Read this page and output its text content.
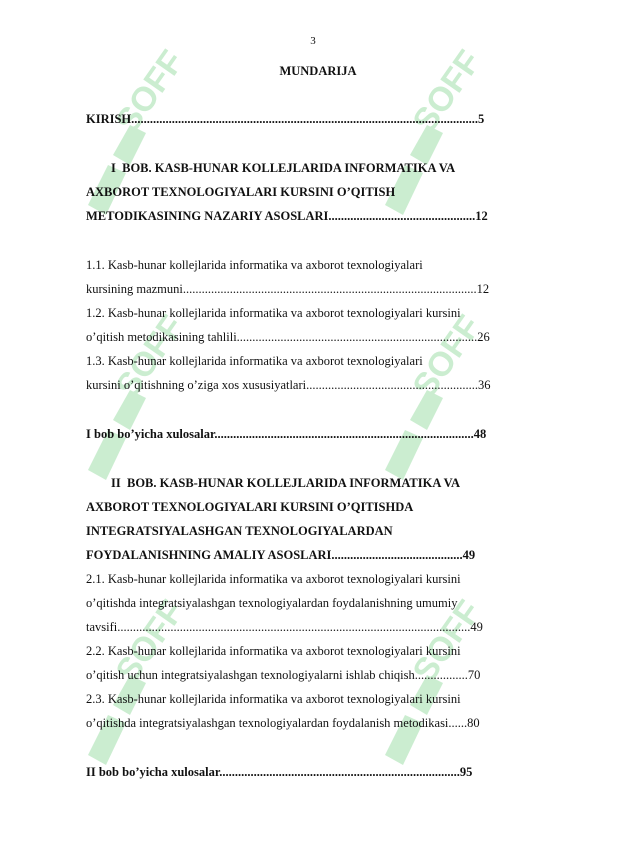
SOFF	SOFF
SOFF	SOFF
SOFF	SOFF
3
MUNDARIJA
KIRISH...............................................................................................................5
I  BOB. KASB-HUNAR KOLLEJLARIDA INFORMATIKA VA
AXBOROT TEXNOLOGIYALARI KURSINI O’QITISH
METODIKASINING NAZARIY ASOSLARI...............................................12
1.1. Kasb-hunar kollejlarida informatika va axborot texnologiyalari
kursining mazmuni..............................................................................................12
1.2. Kasb-hunar kollejlarida informatika va axborot texnologiyalari kursini
o’qitish metodikasining tahlili.............................................................................26
1.3. Kasb-hunar kollejlarida informatika va axborot texnologiyalari
kursini o’qitishning o’ziga xos xususiyatlari.......................................................36
I bob bo’yicha xulosalar...................................................................................48
II  BOB. KASB-HUNAR KOLLEJLARIDA INFORMATIKA VA
AXBOROT TEXNOLOGIYALARI KURSINI O’QITISHDA
INTEGRATSIYALASHGAN TEXNOLOGIYALARDAN
FOYDALANISHNING AMALIY ASOSLARI..........................................49
2.1. Kasb-hunar kollejlarida informatika va axborot texnologiyalari kursini
o’qitishda integratsiyalashgan texnologiyalardan foydalanishning umumiy
tavsifi.................................................................................................................49
2.2. Kasb-hunar kollejlarida informatika va axborot texnologiyalari kursini
o’qitish uchun integratsiyalashgan texnologiyalarni ishlab chiqish.................70
2.3. Kasb-hunar kollejlarida informatika va axborot texnologiyalari kursini
o’qitishda integratsiyalashgan texnologiyalardan foydalanish metodikasi......80
II bob bo’yicha xulosalar.............................................................................95
